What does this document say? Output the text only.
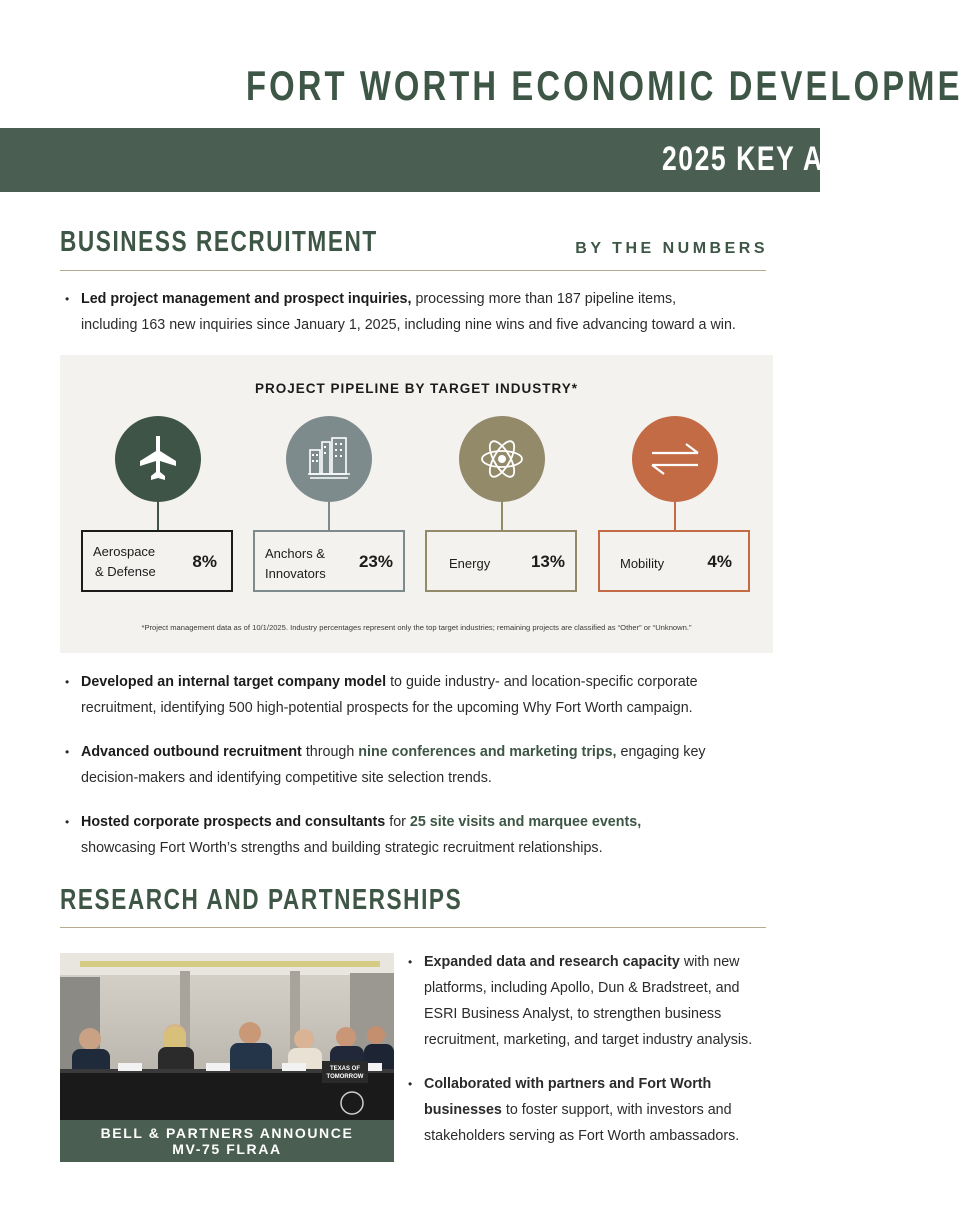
FORT WORTH ECONOMIC DEVELOPME
2025 KEY ACC
BUSINESS RECRUITMENT	BY THE NUMBERS
• Led project management and prospect inquiries, processing more than 187 pipeline items,
including 163 new inquiries since January 1, 2025, including nine wins and five advancing toward a win.
PROJECT PIPELINE BY TARGET INDUSTRY*
Aerospace
& Defense
8%	Anchors &
Innovators
23%	Energy 13%	Mobility	4%
*Project management data as of 10/1/2025. Industry percentages represent only the top target industries; remaining projects are classified as “Other” or “Unknown.”
• Developed an internal target company model to guide industry- and location-specific corporate
recruitment, identifying 500 high-potential prospects for the upcoming Why Fort Worth campaign.
• Advanced outbound recruitment through nine conferences and marketing trips, engaging key
decision-makers and identifying competitive site selection trends.
• Hosted corporate prospects and consultants for 25 site visits and marquee events,
showcasing Fort Worth’s strengths and building strategic recruitment relationships.
RESEARCH AND PARTNERSHIPS
TEXAS OF
TOMORROW
BELL & PARTNERS ANNOUNCE
MV-75 FLRAA
• Expanded data and research capacity with new platforms, including Apollo, Dun & Bradstreet, and ESRI Business Analyst, to strengthen business recruitment, marketing, and target industry analysis.
• Collaborated with partners and Fort Worth businesses to foster support, with investors and stakeholders serving as Fort Worth ambassadors.
